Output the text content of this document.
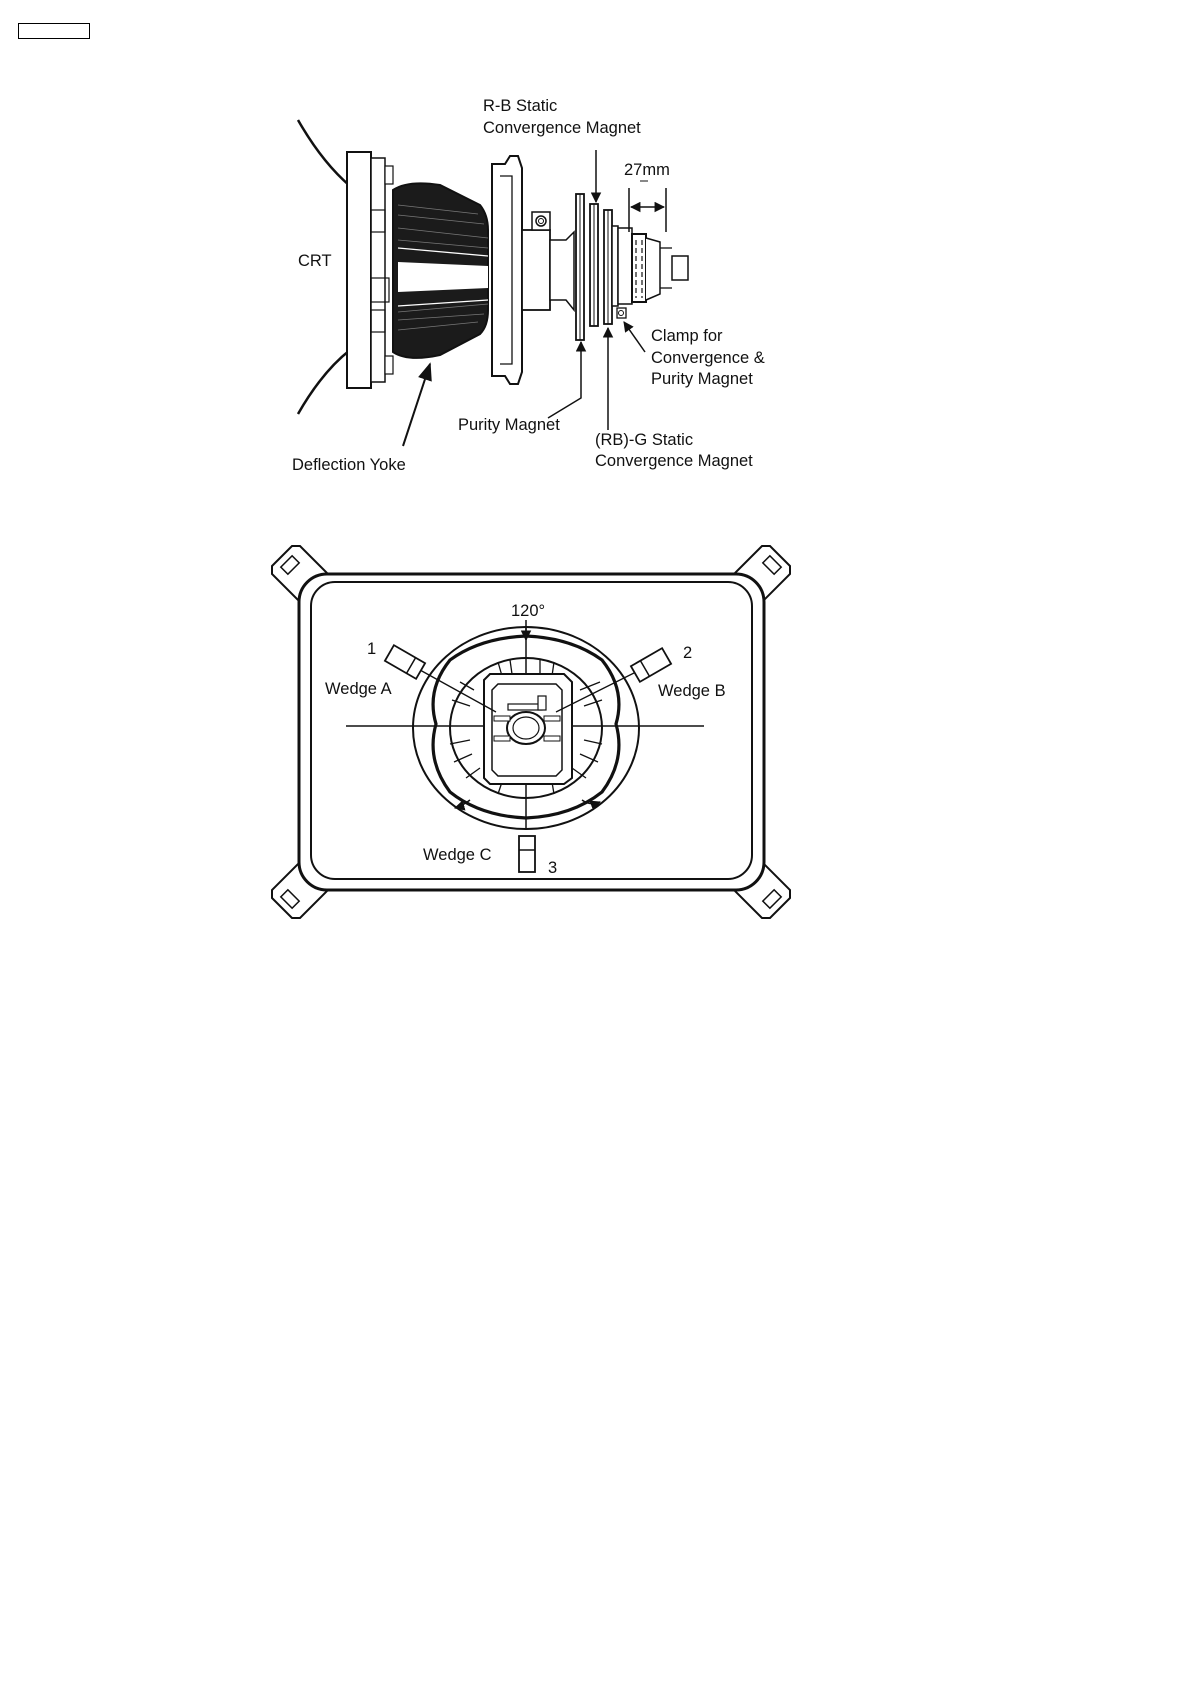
R-B Static
Convergence Magnet
27mm
CRT
Clamp for
Convergence &
Purity Magnet
Purity Magnet
(RB)-G Static
Convergence Magnet
Deflection Yoke
120°
1
Wedge A
2
Wedge B
Wedge C
3
